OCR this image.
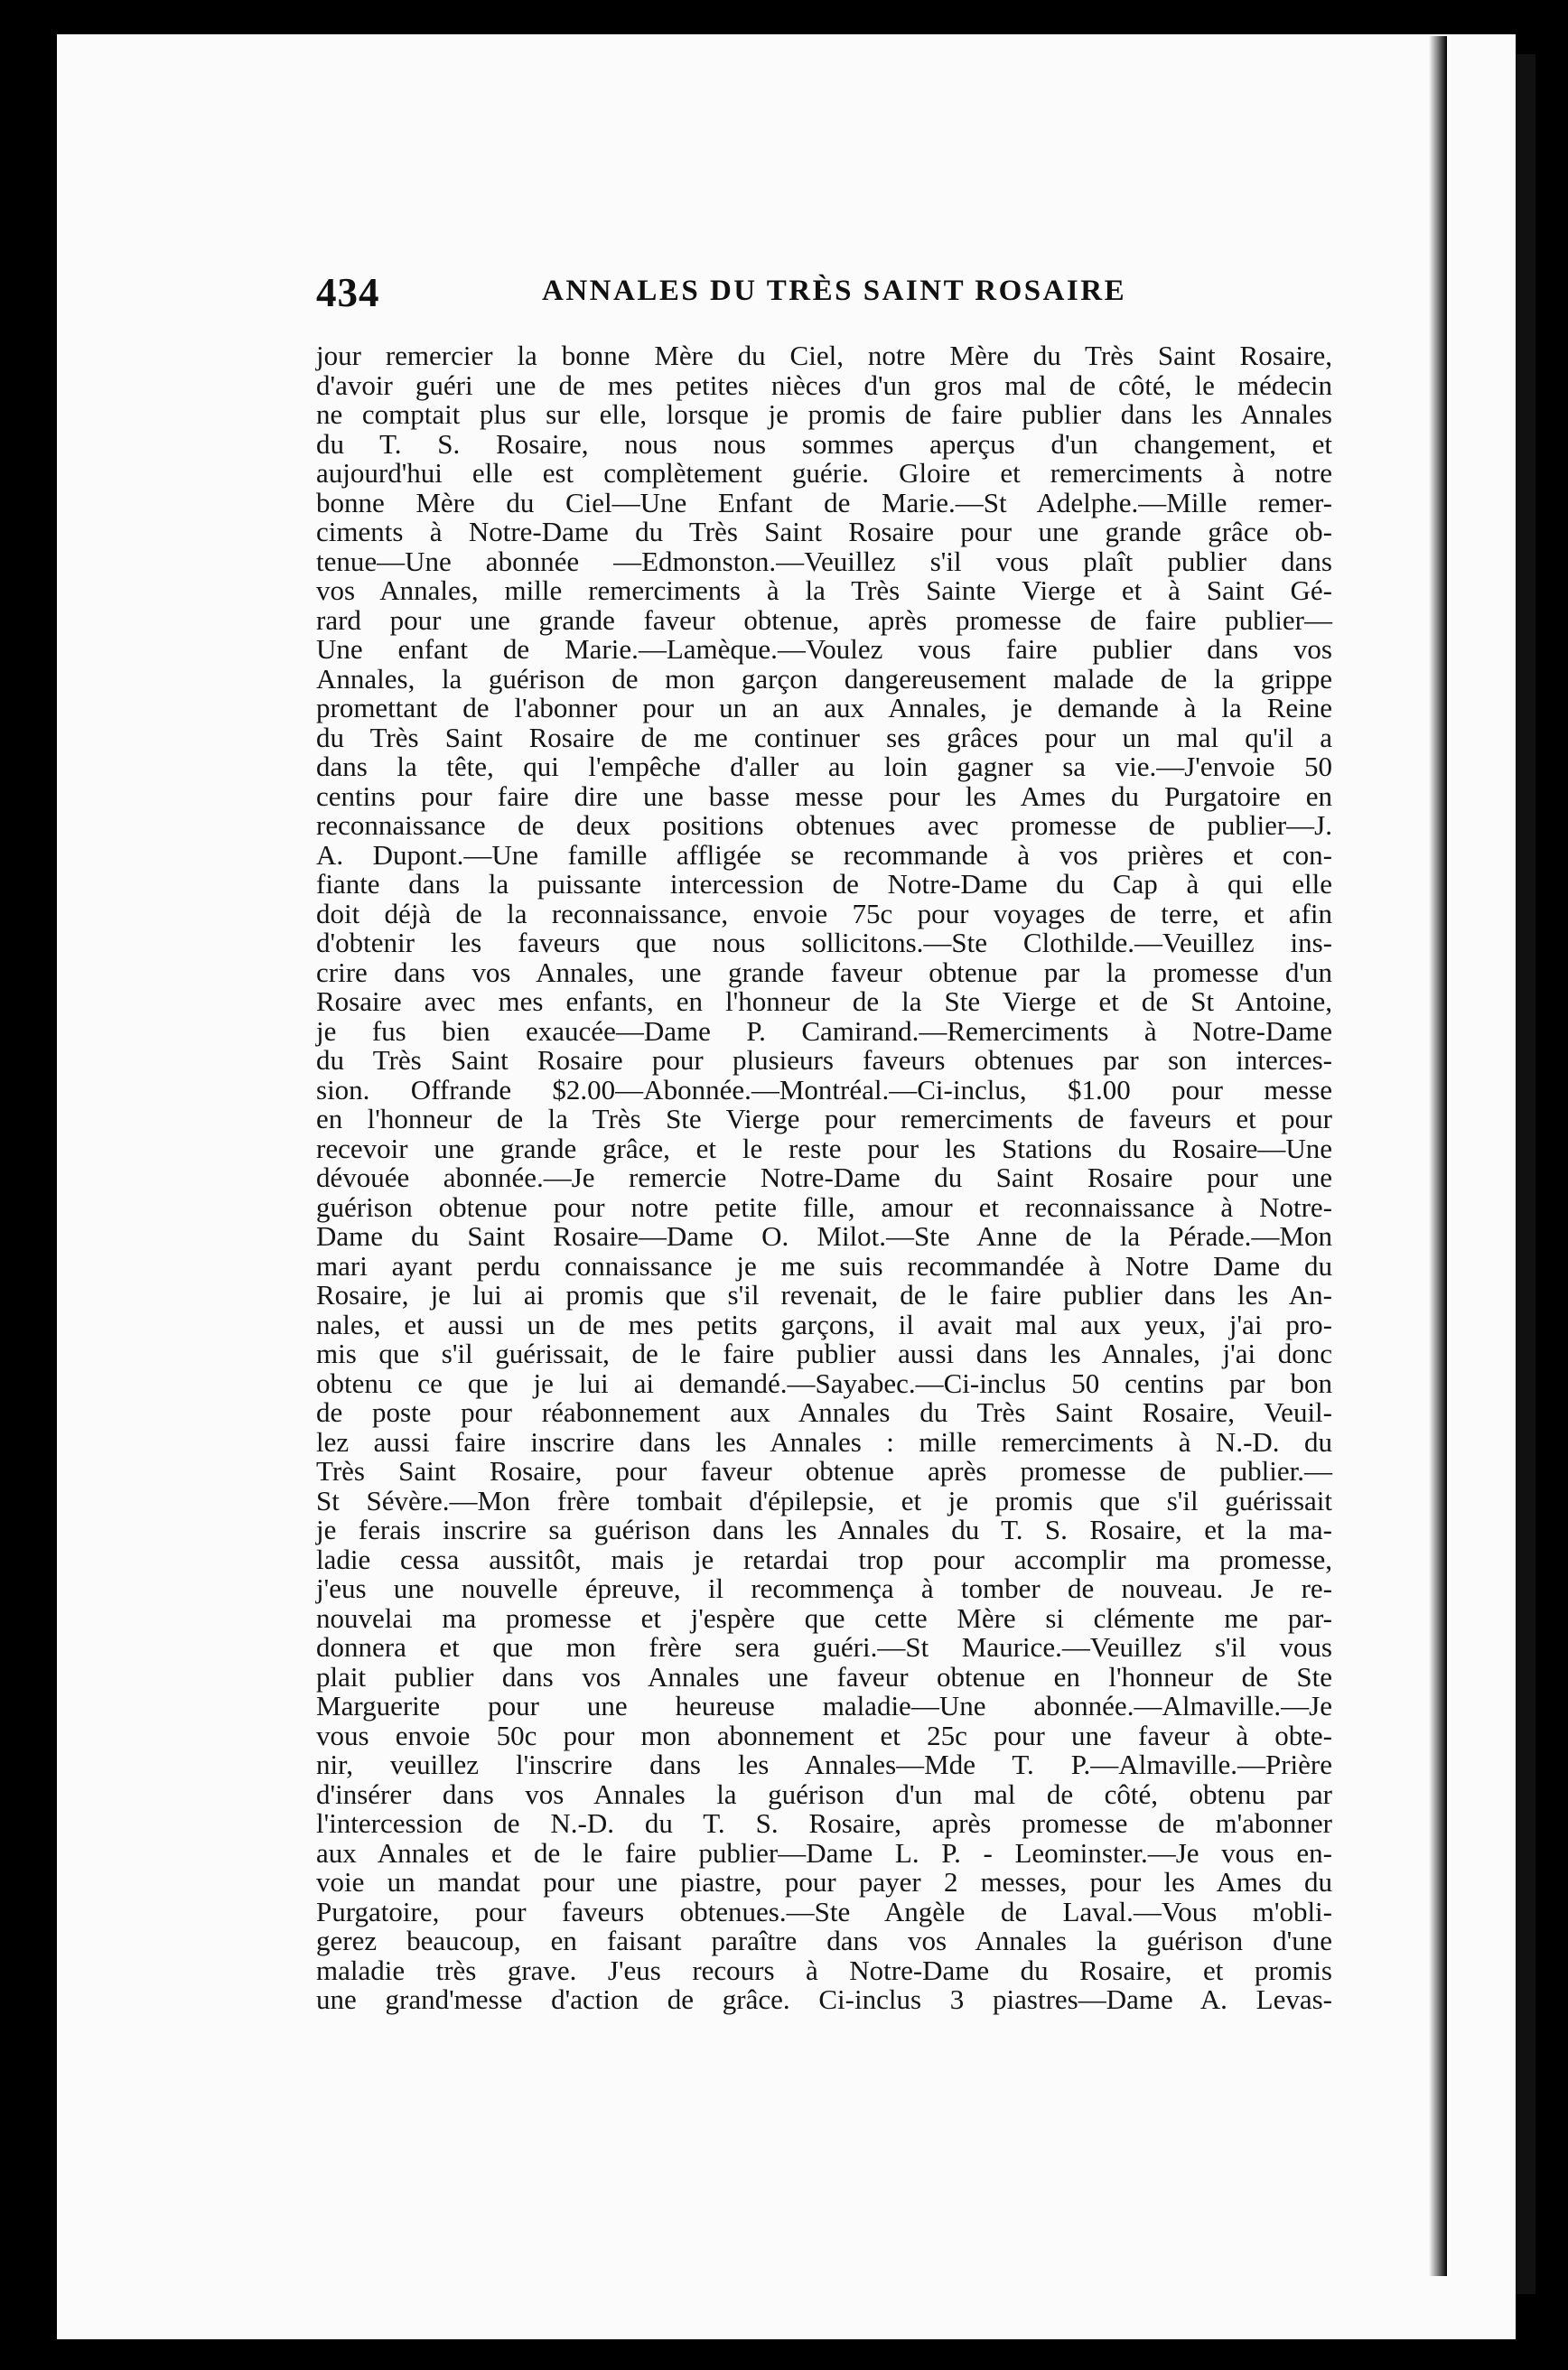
434	ANNALES DU TRÈS SAINT ROSAIRE

jour remercier la bonne Mère du Ciel, notre Mère du Très Saint Rosaire,
d'avoir guéri une de mes petites nièces d'un gros mal de côté, le médecin
ne comptait plus sur elle, lorsque je promis de faire publier dans les Annales
du T. S. Rosaire, nous nous sommes aperçus d'un changement, et
aujourd'hui elle est complètement guérie. Gloire et remerciments à notre
bonne Mère du Ciel—Une Enfant de Marie.—St Adelphe.—Mille remer-
ciments à Notre-Dame du Très Saint Rosaire pour une grande grâce ob-
tenue—Une abonnée —Edmonston.—Veuillez s'il vous plaît publier dans
vos Annales, mille remerciments à la Très Sainte Vierge et à Saint Gé-
rard pour une grande faveur obtenue, après promesse de faire publier—
Une enfant de Marie.—Lamèque.—Voulez vous faire publier dans vos
Annales, la guérison de mon garçon dangereusement malade de la grippe
promettant de l'abonner pour un an aux Annales, je demande à la Reine
du Très Saint Rosaire de me continuer ses grâces pour un mal qu'il a
dans la tête, qui l'empêche d'aller au loin gagner sa vie.—J'envoie 50
centins pour faire dire une basse messe pour les Ames du Purgatoire en
reconnaissance de deux positions obtenues avec promesse de publier—J.
A. Dupont.—Une famille affligée se recommande à vos prières et con-
fiante dans la puissante intercession de Notre-Dame du Cap à qui elle
doit déjà de la reconnaissance, envoie 75c pour voyages de terre, et afin
d'obtenir les faveurs que nous sollicitons.—Ste Clothilde.—Veuillez ins-
crire dans vos Annales, une grande faveur obtenue par la promesse d'un
Rosaire avec mes enfants, en l'honneur de la Ste Vierge et de St Antoine,
je fus bien exaucée—Dame P. Camirand.—Remerciments à Notre-Dame
du Très Saint Rosaire pour plusieurs faveurs obtenues par son interces-
sion. Offrande $2.00—Abonnée.—Montréal.—Ci-inclus, $1.00 pour messe
en l'honneur de la Très Ste Vierge pour remerciments de faveurs et pour
recevoir une grande grâce, et le reste pour les Stations du Rosaire—Une
dévouée abonnée.—Je remercie Notre-Dame du Saint Rosaire pour une
guérison obtenue pour notre petite fille, amour et reconnaissance à Notre-
Dame du Saint Rosaire—Dame O. Milot.—Ste Anne de la Pérade.—Mon
mari ayant perdu connaissance je me suis recommandée à Notre Dame du
Rosaire, je lui ai promis que s'il revenait, de le faire publier dans les An-
nales, et aussi un de mes petits garçons, il avait mal aux yeux, j'ai pro-
mis que s'il guérissait, de le faire publier aussi dans les Annales, j'ai donc
obtenu ce que je lui ai demandé.—Sayabec.—Ci-inclus 50 centins par bon
de poste pour réabonnement aux Annales du Très Saint Rosaire, Veuil-
lez aussi faire inscrire dans les Annales : mille remerciments à N.-D. du
Très Saint Rosaire, pour faveur obtenue après promesse de publier.—
St Sévère.—Mon frère tombait d'épilepsie, et je promis que s'il guérissait
je ferais inscrire sa guérison dans les Annales du T. S. Rosaire, et la ma-
ladie cessa aussitôt, mais je retardai trop pour accomplir ma promesse,
j'eus une nouvelle épreuve, il recommença à tomber de nouveau. Je re-
nouvelai ma promesse et j'espère que cette Mère si clémente me par-
donnera et que mon frère sera guéri.—St Maurice.—Veuillez s'il vous
plait publier dans vos Annales une faveur obtenue en l'honneur de Ste
Marguerite pour une heureuse maladie—Une abonnée.—Almaville.—Je
vous envoie 50c pour mon abonnement et 25c pour une faveur à obte-
nir, veuillez l'inscrire dans les Annales—Mde T. P.—Almaville.—Prière
d'insérer dans vos Annales la guérison d'un mal de côté, obtenu par
l'intercession de N.-D. du T. S. Rosaire, après promesse de m'abonner
aux Annales et de le faire publier—Dame L. P. - Leominster.—Je vous en-
voie un mandat pour une piastre, pour payer 2 messes, pour les Ames du
Purgatoire, pour faveurs obtenues.—Ste Angèle de Laval.—Vous m'obli-
gerez beaucoup, en faisant paraître dans vos Annales la guérison d'une
maladie très grave. J'eus recours à Notre-Dame du Rosaire, et promis
une grand'messe d'action de grâce. Ci-inclus 3 piastres—Dame A. Levas-
